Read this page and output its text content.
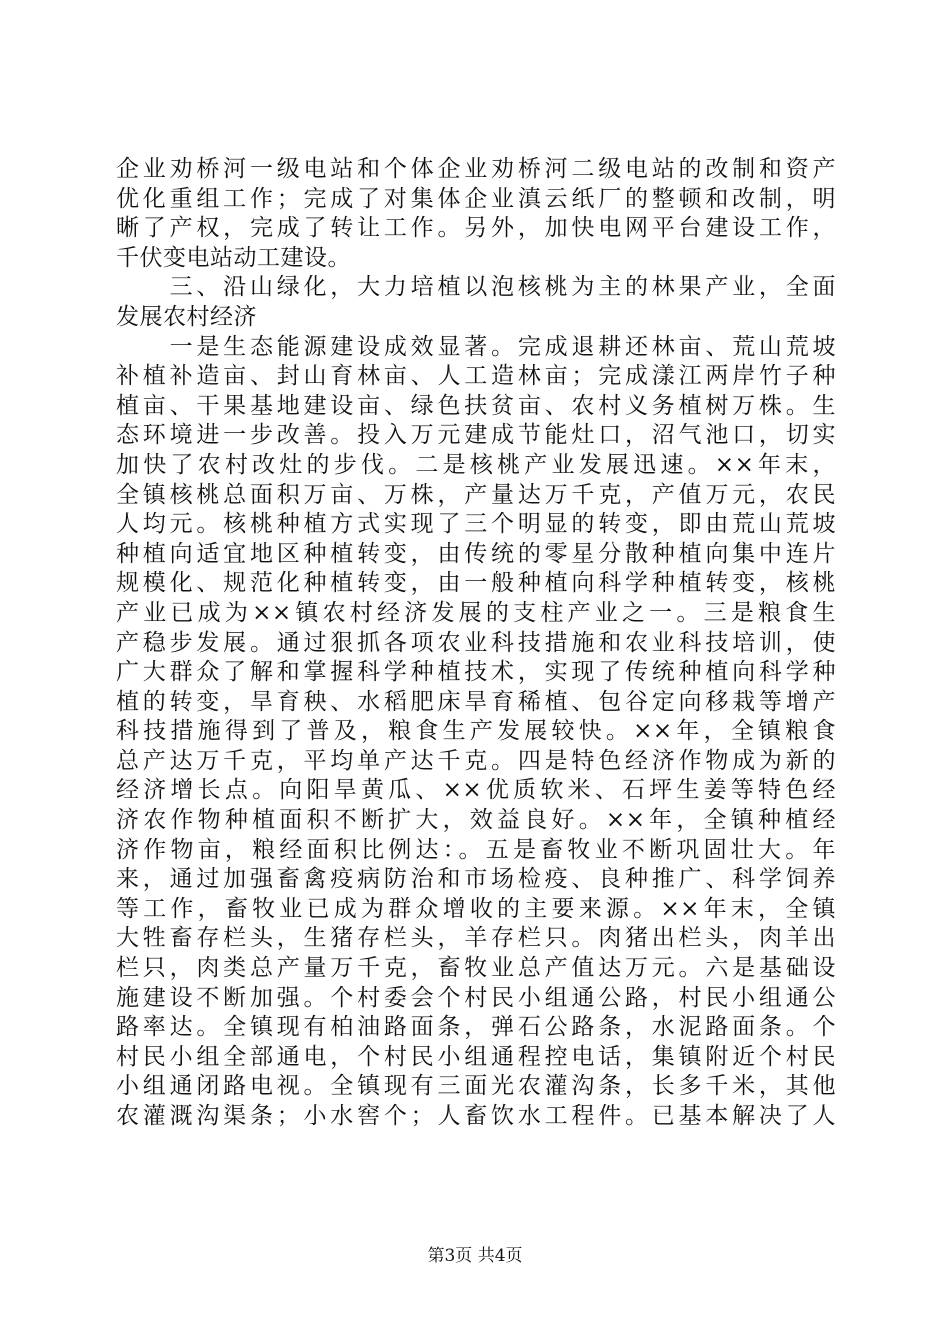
企业劝桥河一级电站和个体企业劝桥河二级电站的改制和资产
优化重组工作；完成了对集体企业滇云纸厂的整顿和改制，明
晰了产权，完成了转让工作。另外，加快电网平台建设工作，
千伏变电站动工建设。
　　三、沿山绿化，大力培植以泡核桃为主的林果产业，全面
发展农村经济
　　一是生态能源建设成效显著。完成退耕还林亩、荒山荒坡
补植补造亩、封山育林亩、人工造林亩；完成漾江两岸竹子种
植亩、干果基地建设亩、绿色扶贫亩、农村义务植树万株。生
态环境进一步改善。投入万元建成节能灶口，沼气池口，切实
加快了农村改灶的步伐。二是核桃产业发展迅速。××年末，
全镇核桃总面积万亩、万株，产量达万千克，产值万元，农民
人均元。核桃种植方式实现了三个明显的转变，即由荒山荒坡
种植向适宜地区种植转变，由传统的零星分散种植向集中连片
规模化、规范化种植转变，由一般种植向科学种植转变，核桃
产业已成为××镇农村经济发展的支柱产业之一。三是粮食生
产稳步发展。通过狠抓各项农业科技措施和农业科技培训，使
广大群众了解和掌握科学种植技术，实现了传统种植向科学种
植的转变，旱育秧、水稻肥床旱育稀植、包谷定向移栽等增产
科技措施得到了普及，粮食生产发展较快。××年，全镇粮食
总产达万千克，平均单产达千克。四是特色经济作物成为新的
经济增长点。向阳旱黄瓜、××优质软米、石坪生姜等特色经
济农作物种植面积不断扩大，效益良好。××年，全镇种植经
济作物亩，粮经面积比例达：。五是畜牧业不断巩固壮大。年
来，通过加强畜禽疫病防治和市场检疫、良种推广、科学饲养
等工作，畜牧业已成为群众增收的主要来源。××年末，全镇
大牲畜存栏头，生猪存栏头，羊存栏只。肉猪出栏头，肉羊出
栏只，肉类总产量万千克，畜牧业总产值达万元。六是基础设
施建设不断加强。个村委会个村民小组通公路，村民小组通公
路率达。全镇现有柏油路面条，弹石公路条，水泥路面条。个
村民小组全部通电，个村民小组通程控电话，集镇附近个村民
小组通闭路电视。全镇现有三面光农灌沟条，长多千米，其他
农灌溉沟渠条；小水窖个；人畜饮水工程件。已基本解决了人
第3页 共4页
